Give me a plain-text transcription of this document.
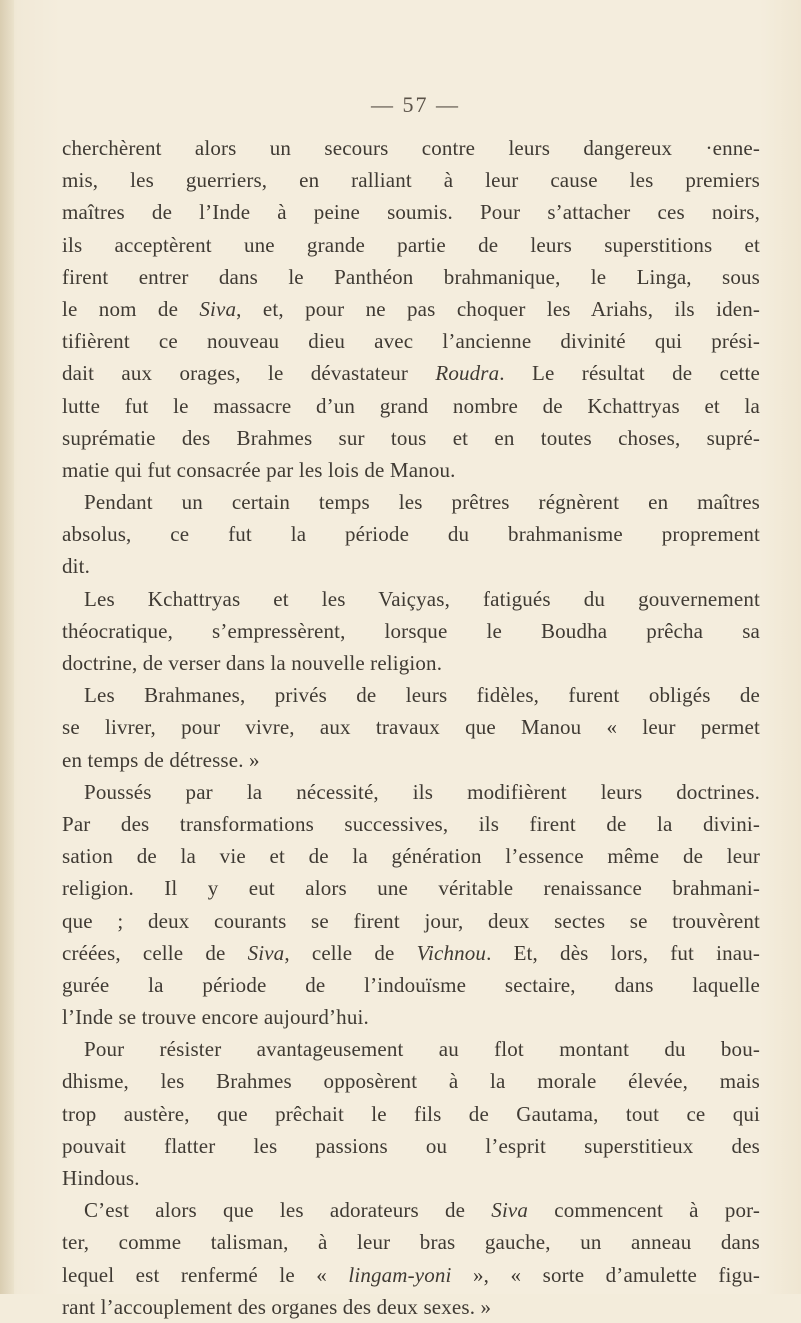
— 57 —
cherchèrent alors un secours contre leurs dangereux ·enne-
mis, les guerriers, en ralliant à leur cause les premiers
maîtres de l’Inde à peine soumis. Pour s’attacher ces noirs,
ils acceptèrent une grande partie de leurs superstitions et
firent entrer dans le Panthéon brahmanique, le Linga, sous
le nom de Siva, et, pour ne pas choquer les Ariahs, ils iden-
tifièrent ce nouveau dieu avec l’ancienne divinité qui prési-
dait aux orages, le dévastateur Roudra. Le résultat de cette
lutte fut le massacre d’un grand nombre de Kchattryas et la
suprématie des Brahmes sur tous et en toutes choses, supré-
matie qui fut consacrée par les lois de Manou.
Pendant un certain temps les prêtres régnèrent en maîtres
absolus, ce fut la période du brahmanisme proprement
dit.
Les Kchattryas et les Vaiçyas, fatigués du gouvernement
théocratique, s’empressèrent, lorsque le Boudha prêcha sa
doctrine, de verser dans la nouvelle religion.
Les Brahmanes, privés de leurs fidèles, furent obligés de
se livrer, pour vivre, aux travaux que Manou « leur permet
en temps de détresse. »
Poussés par la nécessité, ils modifièrent leurs doctrines.
Par des transformations successives, ils firent de la divini-
sation de la vie et de la génération l’essence même de leur
religion. Il y eut alors une véritable renaissance brahmani-
que ; deux courants se firent jour, deux sectes se trouvèrent
créées, celle de Siva, celle de Vichnou. Et, dès lors, fut inau-
gurée la période de l’indouïsme sectaire, dans laquelle
l’Inde se trouve encore aujourd’hui.
Pour résister avantageusement au flot montant du bou-
dhisme, les Brahmes opposèrent à la morale élevée, mais
trop austère, que prêchait le fils de Gautama, tout ce qui
pouvait flatter les passions ou l’esprit superstitieux des
Hindous.
C’est alors que les adorateurs de Siva commencent à por-
ter, comme talisman, à leur bras gauche, un anneau dans
lequel est renfermé le « lingam-yoni », « sorte d’amulette figu-
rant l’accouplement des organes des deux sexes. »
